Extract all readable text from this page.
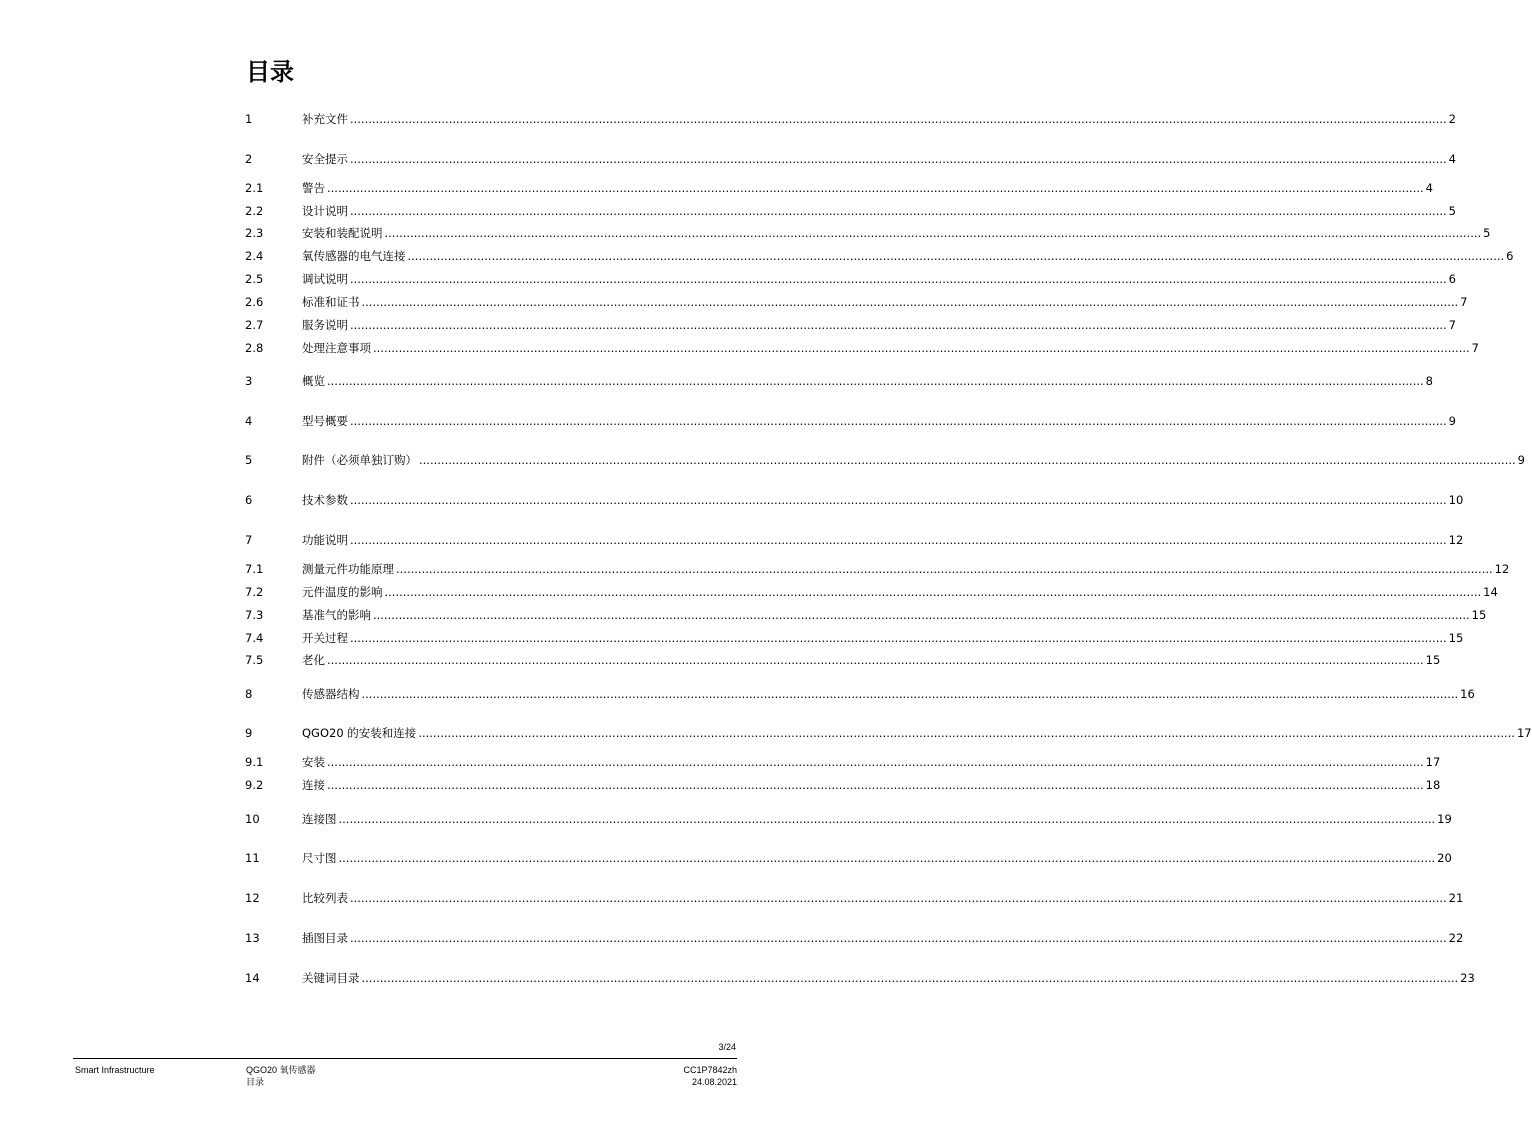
目录
1	补充文件 ............................................................................................................................................................................................................................................................................................................ 2
2	安全提示 ............................................................................................................................................................................................................................................................................................................ 4
2.1	警告 ............................................................................................................................................................................................................................................................................................................ 4
2.2	设计说明 ............................................................................................................................................................................................................................................................................................................ 5
2.3	安装和装配说明 ............................................................................................................................................................................................................................................................................................................ 5
2.4	氧传感器的电气连接 ............................................................................................................................................................................................................................................................................................................ 6
2.5	调试说明 ............................................................................................................................................................................................................................................................................................................ 6
2.6	标准和证书 ............................................................................................................................................................................................................................................................................................................ 7
2.7	服务说明 ............................................................................................................................................................................................................................................................................................................ 7
2.8	处理注意事项 ............................................................................................................................................................................................................................................................................................................ 7
3	概览 ............................................................................................................................................................................................................................................................................................................ 8
4	型号概要 ............................................................................................................................................................................................................................................................................................................ 9
5	附件（必须单独订购） ............................................................................................................................................................................................................................................................................................................ 9
6	技术参数 ............................................................................................................................................................................................................................................................................................................ 10
7	功能说明 ............................................................................................................................................................................................................................................................................................................ 12
7.1	测量元件功能原理 ............................................................................................................................................................................................................................................................................................................ 12
7.2	元件温度的影响 ............................................................................................................................................................................................................................................................................................................ 14
7.3	基准气的影响 ............................................................................................................................................................................................................................................................................................................ 15
7.4	开关过程 ............................................................................................................................................................................................................................................................................................................ 15
7.5	老化 ............................................................................................................................................................................................................................................................................................................ 15
8	传感器结构 ............................................................................................................................................................................................................................................................................................................ 16
9	QGO20 的安装和连接 ............................................................................................................................................................................................................................................................................................................ 17
9.1	安装 ............................................................................................................................................................................................................................................................................................................ 17
9.2	连接 ............................................................................................................................................................................................................................................................................................................ 18
10	连接图 ............................................................................................................................................................................................................................................................................................................ 19
11	尺寸图 ............................................................................................................................................................................................................................................................................................................ 20
12	比较列表 ............................................................................................................................................................................................................................................................................................................ 21
13	插图目录 ............................................................................................................................................................................................................................................................................................................ 22
14	关键词目录 ............................................................................................................................................................................................................................................................................................................ 23
3/24
Smart Infrastructure	QGO20 氧传感器
目录
CC1P7842zh
24.08.2021
